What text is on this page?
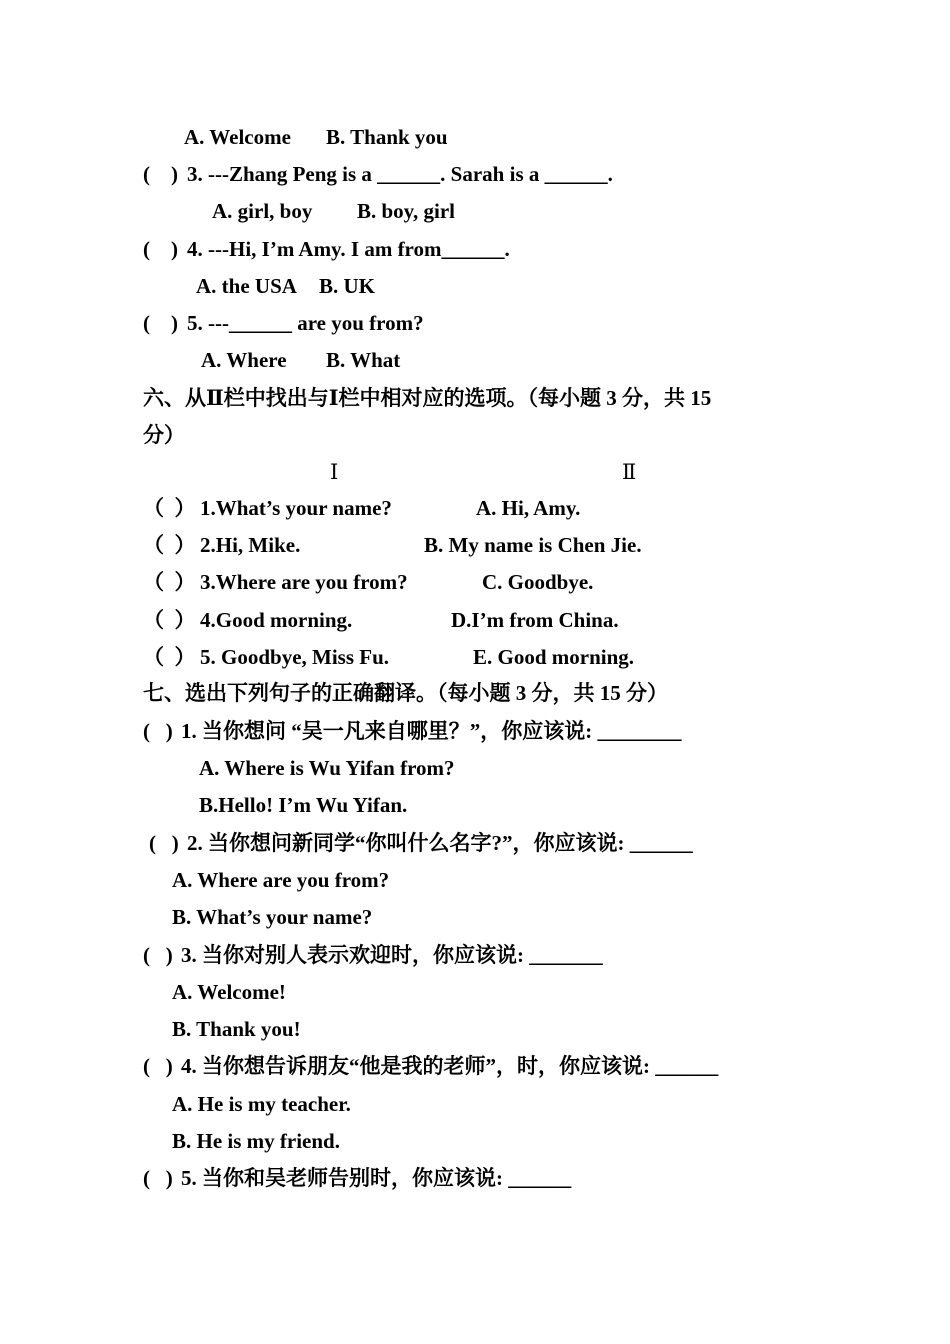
A. Welcome B. Thank you
(    ) 3. ---Zhang Peng is a ______. Sarah is a ______.
A. girl, boy B. boy, girl
(    ) 4. ---Hi, I’m Amy. I am from______.
A. the USA B. UK
(    ) 5. ---______ are you from?
A. Where B. What
六、从Ⅱ栏中找出与Ⅰ栏中相对应的选项。（每小题 3 分，共 15
分）
Ⅰ	Ⅱ
（  ） 1.What’s your name?	A. Hi, Amy.
（  ） 2.Hi, Mike.	B. My name is Chen Jie.
（  ） 3.Where are you from?	C. Goodbye.
（  ） 4.Good morning.	D.I’m from China.
（  ） 5. Goodbye, Miss Fu.	E. Good morning.
七、选出下列句子的正确翻译。（每小题 3 分，共 15 分）
(   ) 1. 当你想问 “吴一凡来自哪里？”，你应该说: ________
A. Where is Wu Yifan from?
B.Hello! I’m Wu Yifan.
(   ) 2. 当你想问新同学“你叫什么名字?”，你应该说: ______
A. Where are you from?
B. What’s your name?
(   ) 3. 当你对别人表示欢迎时，你应该说: _______
A. Welcome!
B. Thank you!
(   ) 4. 当你想告诉朋友“他是我的老师”，时，你应该说: ______
A. He is my teacher.
B. He is my friend.
(   ) 5. 当你和吴老师告别时，你应该说: ______
